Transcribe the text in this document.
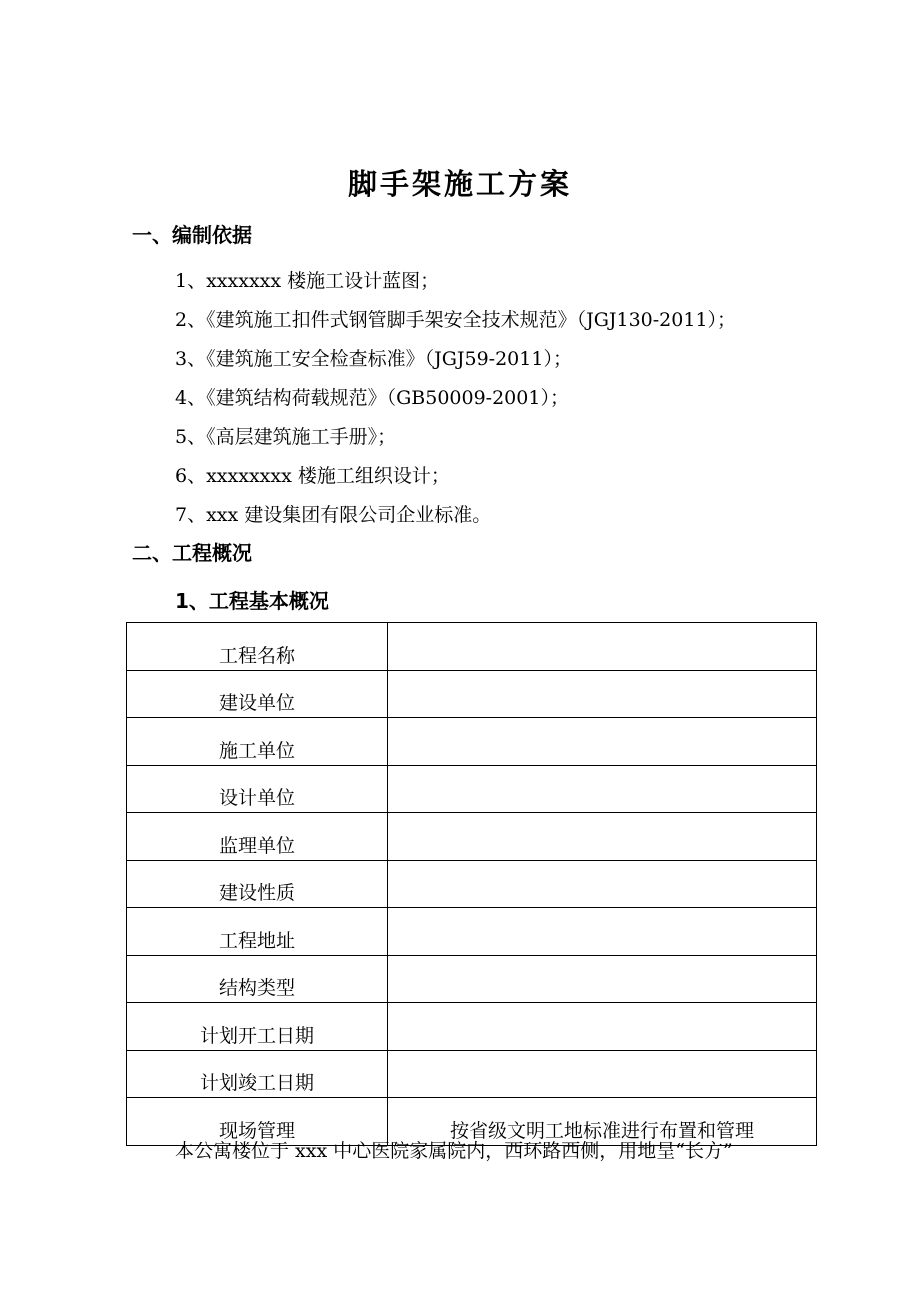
脚手架施工方案
一、编制依据
1、xxxxxxx 楼施工设计蓝图；
2、《建筑施工扣件式钢管脚手架安全技术规范》（JGJ130-2011）；
3、《建筑施工安全检查标准》（JGJ59-2011）；
4、《建筑结构荷载规范》（GB50009-2001）；
5、《高层建筑施工手册》；
6、xxxxxxxx 楼施工组织设计；
7、xxx 建设集团有限公司企业标准。
二、工程概况
1、工程基本概况
工程名称	
建设单位	
施工单位	
设计单位	
监理单位	
建设性质	
工程地址	
结构类型	
计划开工日期	
计划竣工日期	
现场管理	按省级文明工地标准进行布置和管理

本公寓楼位于 xxx 中心医院家属院内，西环路西侧，用地呈“长方”
